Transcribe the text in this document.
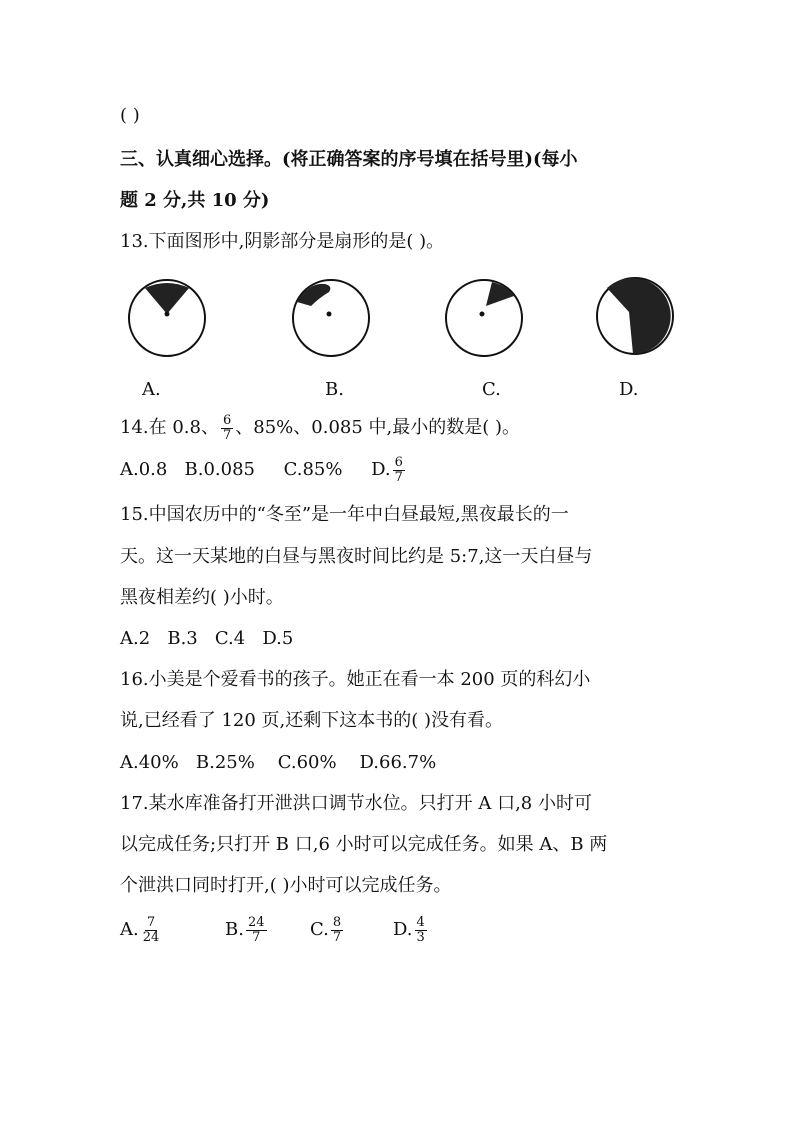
( )
三、认真细心选择。(将正确答案的序号填在括号里)(每小
题 2 分,共 10 分)
13.下面图形中,阴影部分是扇形的是( )。
A.	B.	C.	D.
14.在 0.8、 $\frac{6}{7}$ 、85%、0.085 中,最小的数是( )。
A.0.8 B.0.085 C.85% D. $\frac{6}{7}$
15.中国农历中的“冬至”是一年中白昼最短,黑夜最长的一
天。这一天某地的白昼与黑夜时间比约是 5:7,这一天白昼与
黑夜相差约( )小时。
A.2   B.3   C.4   D.5
16.小美是个爱看书的孩子。她正在看一本 200 页的科幻小
说,已经看了 120 页,还剩下这本书的( )没有看。
A.40%   B.25%    C.60%    D.66.7%
17.某水库准备打开泄洪口调节水位。只打开 A 口,8 小时可
以完成任务;只打开 B 口,6 小时可以完成任务。如果 A、B 两
个泄洪口同时打开,( )小时可以完成任务。
A. $\frac{7}{24}$	B. $\frac{24}{7} C$. $\frac{8}{7}$	D. $\frac{4}{3}$
